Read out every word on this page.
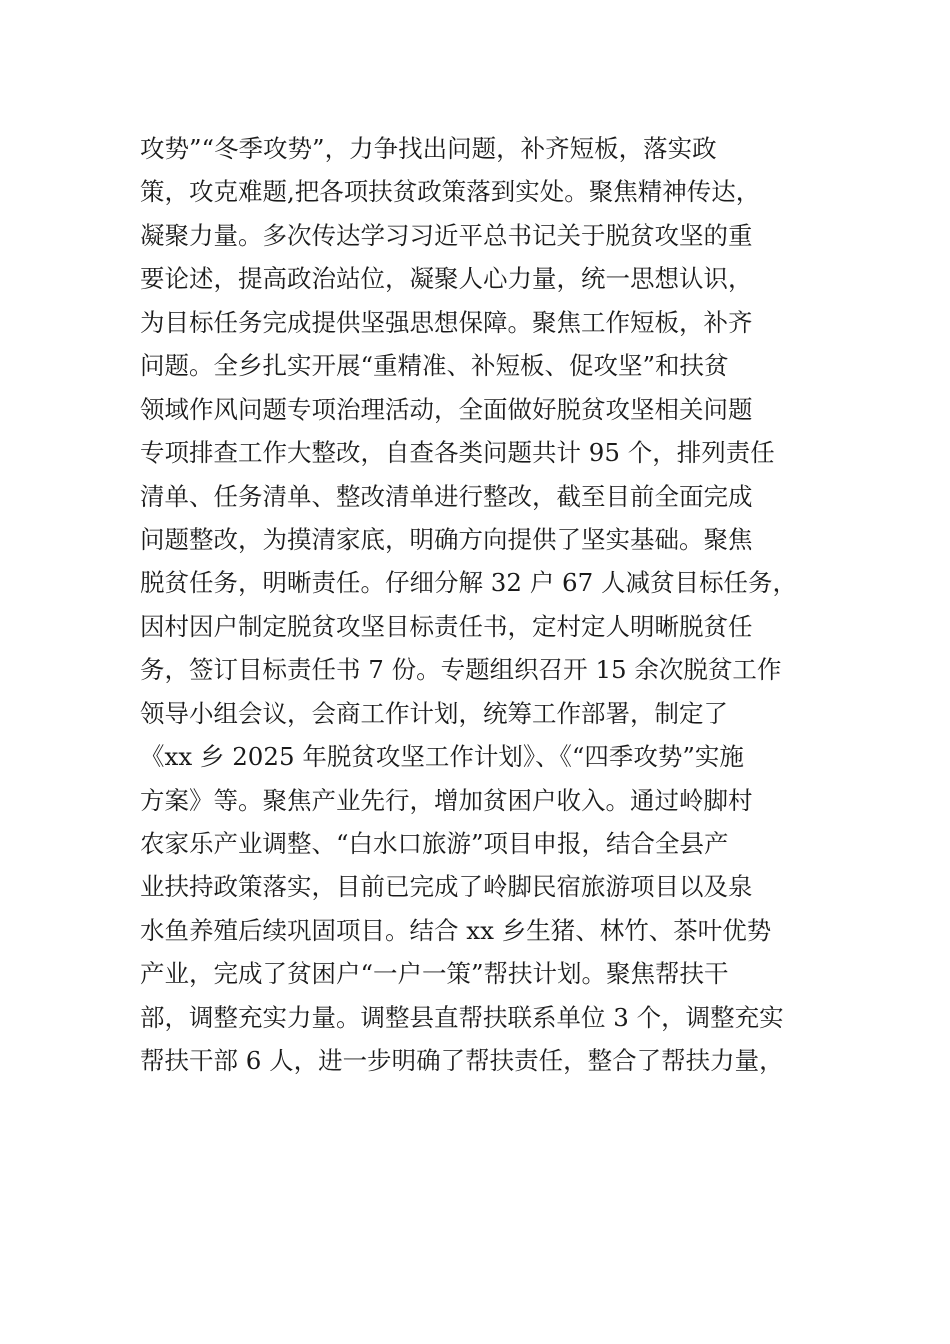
攻势”“冬季攻势”，力争找出问题，补齐短板，落实政
策，攻克难题,把各项扶贫政策落到实处。聚焦精神传达，
凝聚力量。多次传达学习习近平总书记关于脱贫攻坚的重
要论述，提高政治站位，凝聚人心力量，统一思想认识，
为目标任务完成提供坚强思想保障。聚焦工作短板，补齐
问题。全乡扎实开展“重精准、补短板、促攻坚”和扶贫
领域作风问题专项治理活动，全面做好脱贫攻坚相关问题
专项排查工作大整改，自查各类问题共计 95 个，排列责任
清单、任务清单、整改清单进行整改，截至目前全面完成
问题整改，为摸清家底，明确方向提供了坚实基础。聚焦
脱贫任务，明晰责任。仔细分解 32 户 67 人减贫目标任务，
因村因户制定脱贫攻坚目标责任书，定村定人明晰脱贫任
务，签订目标责任书 7 份。专题组织召开 15 余次脱贫工作
领导小组会议，会商工作计划，统筹工作部署，制定了
《xx 乡 2025 年脱贫攻坚工作计划》、《“四季攻势”实施
方案》等。聚焦产业先行，增加贫困户收入。通过岭脚村
农家乐产业调整、“白水口旅游”项目申报，结合全县产
业扶持政策落实，目前已完成了岭脚民宿旅游项目以及泉
水鱼养殖后续巩固项目。结合 xx 乡生猪、林竹、茶叶优势
产业，完成了贫困户“一户一策”帮扶计划。聚焦帮扶干
部，调整充实力量。调整县直帮扶联系单位 3 个，调整充实
帮扶干部 6 人，进一步明确了帮扶责任，整合了帮扶力量，
